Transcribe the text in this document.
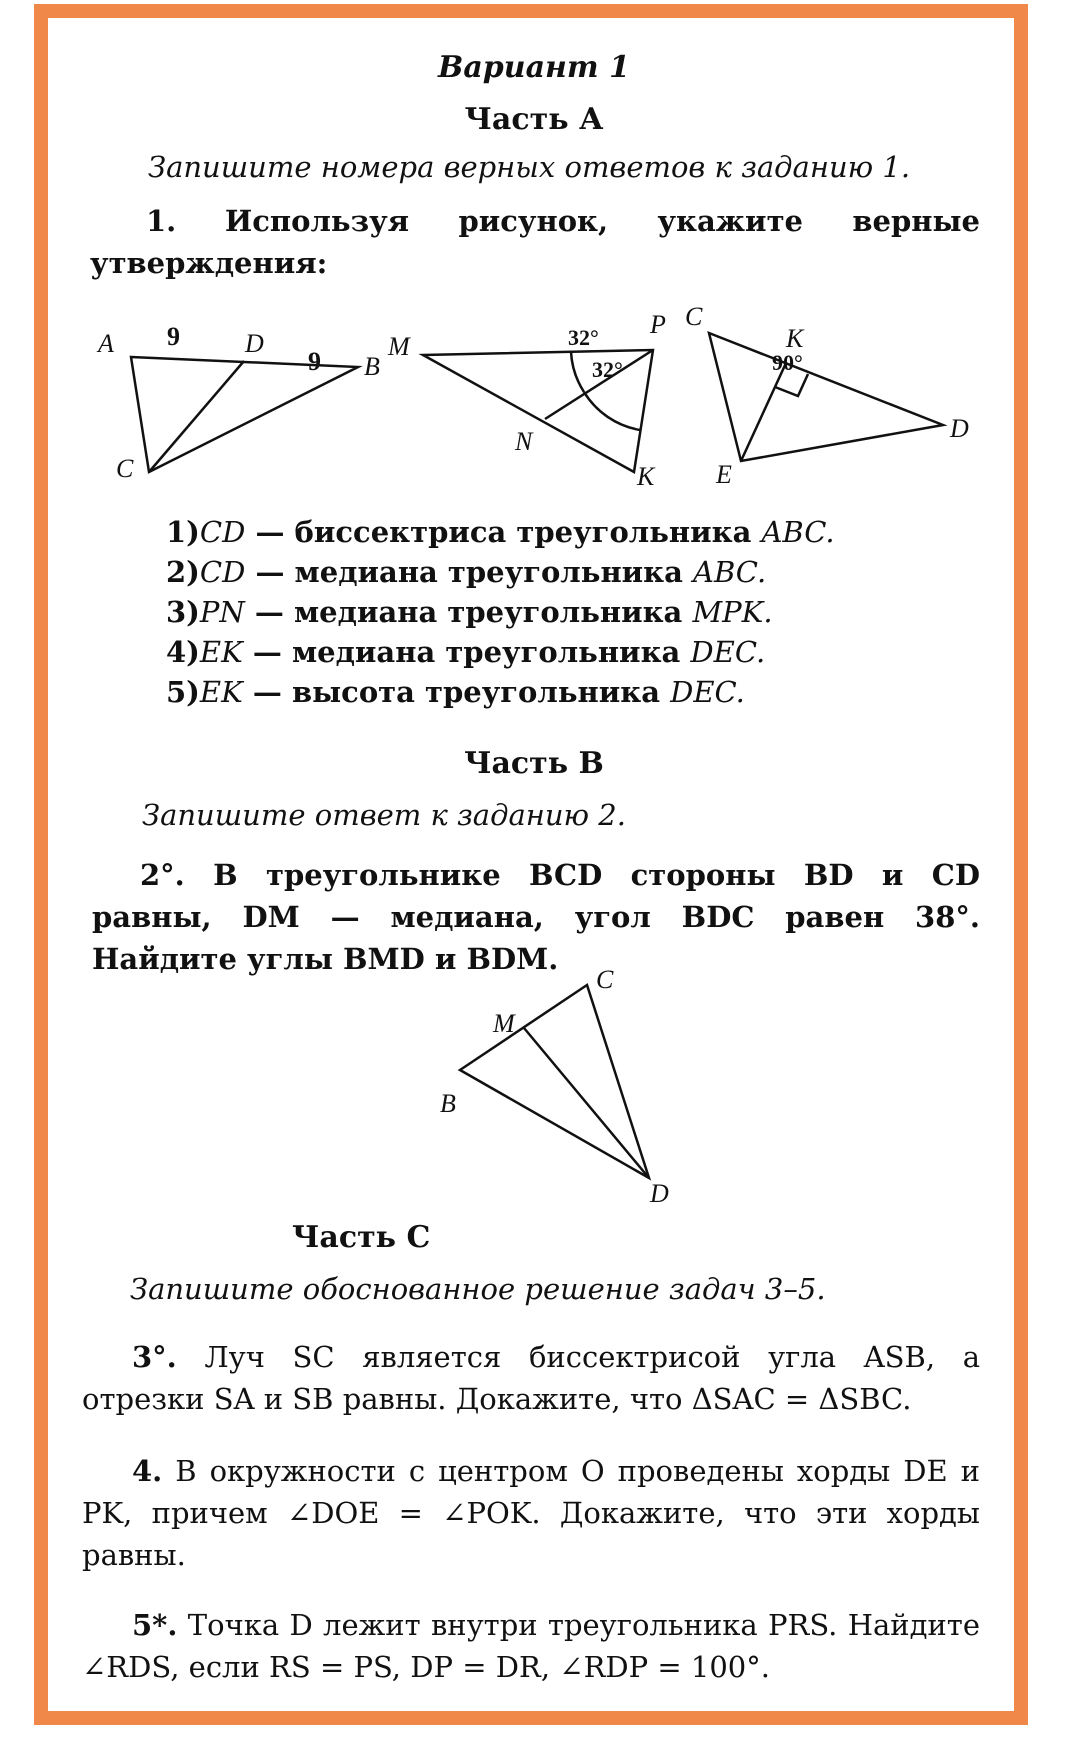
Вариант 1
Часть А
Запишите номера верных ответов к заданию 1.
1. Используя рисунок, укажите верные утверждения:
A 9	D
9 B
C
M
P
K
N
32°
32°
C
K
D
E
90°
1)CD — биссектриса треугольника ABC.
2)CD — медиана треугольника ABC.
3)PN — медиана треугольника MPK.
4)EK — медиана треугольника DEC.
5)EK — высота треугольника DEC.
Часть В
Запишите ответ к заданию 2.
2°. В треугольнике BCD стороны BD и CD равны, DM — медиана, угол BDC равен 38°. Найдите углы BMD и BDM.
C
M
B
D
Часть С
Запишите обоснованное решение задач 3–5.
3°. Луч SC является биссектрисой угла ASB, а отрезки SA и SB равны. Докажите, что ΔSAC = ΔSBC.
4. В окружности с центром O проведены хорды DE и PK, причем ∠DOE = ∠POK. Докажите, что эти хорды равны.
5*. Точка D лежит внутри треугольника PRS. Найдите ∠RDS, если RS = PS, DP = DR, ∠RDP = 100°.
